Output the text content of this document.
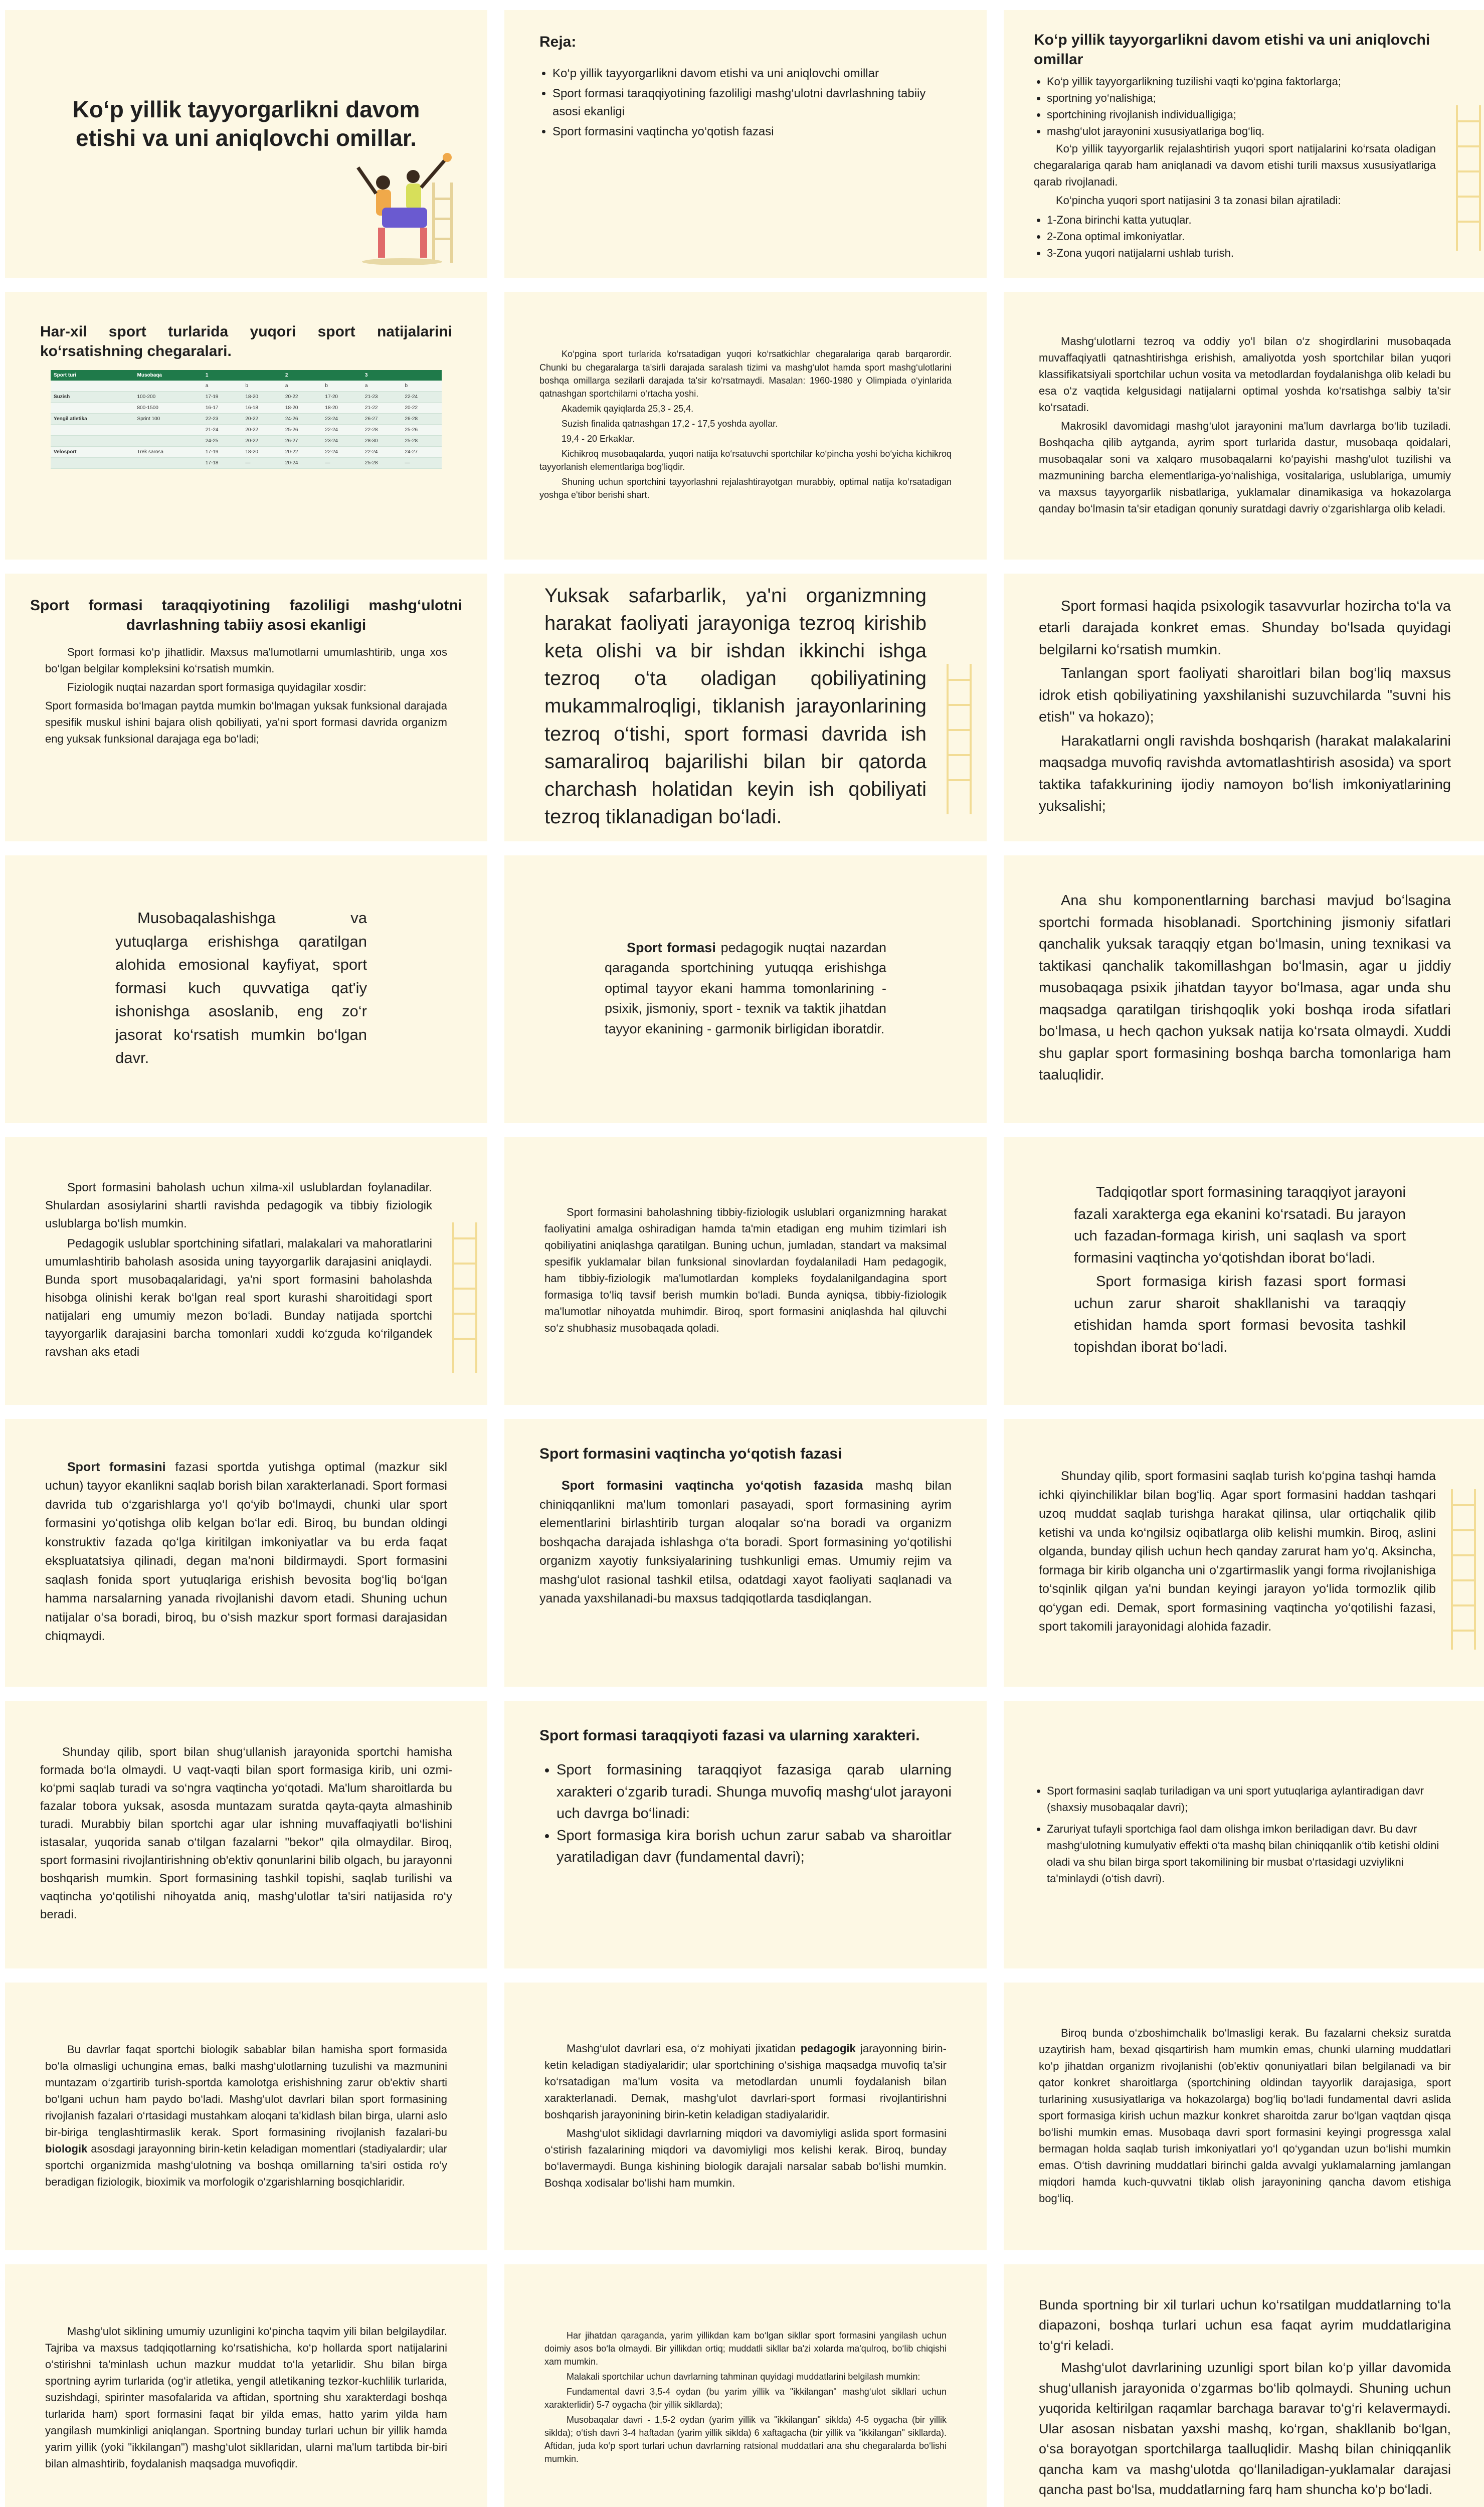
Ko‘p yillik tayyorgarlikni davom etishi va uni aniqlovchi omillar.
Reja:
• Ko‘p yillik tayyorgarlikni davom etishi va uni aniqlovchi omillar
• Sport formasi taraqqiyotining fazoliligi mashg‘ulotni davrlashning tabiiy asosi ekanligi
• Sport formasini vaqtincha yo‘qotish fazasi
Ko‘p yillik tayyorgarlikni davom etishi va uni aniqlovchi omillar
• Ko‘p yillik tayyorgarlikning tuzilishi vaqti ko‘pgina faktorlarga;
• sportning yo‘nalishiga;
• sportchining rivojlanish individualligiga;
• mashg‘ulot jarayonini xususiyatlariga bog‘liq.

Ko‘p yillik tayyorgarlik rejalashtirish yuqori sport natijalarini ko‘rsata oladigan chegaralariga qarab ham aniqlanadi va davom etishi turili maxsus xususiyatlariga qarab rivojlanadi.

Ko‘pincha yuqori sport natijasini 3 ta zonasi bilan ajratiladi:

• 1-Zona birinchi katta yutuqlar.
• 2-Zona optimal imkoniyatlar.
• 3-Zona yuqori natijalarni ushlab turish.
Har-xil sport turlarida yuqori sport natijalarini ko‘rsatishning chegaralari.
Sport turi	Musobaqa	1		2		3	
		a	b	a	b	a	b
Suzish	100-200	17-19	18-20	20-22	17-20	21-23	22-24
	800-1500	16-17	16-18	18-20	18-20	21-22	20-22
Yengil atletika	Sprint 100	22-23	20-22	24-26	23-24	26-27	26-28
		21-24	20-22	25-26	22-24	22-28	25-26
		24-25	20-22	26-27	23-24	28-30	25-28
Velosport	Trek sarosa	17-19	18-20	20-22	22-24	22-24	24-27
		17-18	—	20-24	—	25-28	—

Ko‘pgina sport turlarida ko‘rsatadigan yuqori ko‘rsatkichlar chegaralariga qarab barqarordir. Chunki bu chegaralarga ta'sirli darajada saralash tizimi va mashg‘ulot hamda sport mashg‘ulotlarini boshqa omillarga sezilarli darajada ta'sir ko‘rsatmaydi. Masalan: 1960-1980 y Olimpiada o‘yinlarida qatnashgan sportchilarni o‘rtacha yoshi.

Akademik qayiqlarda 25,3 - 25,4.

Suzish finalida qatnashgan 17,2 - 17,5 yoshda ayollar.

19,4 - 20 Erkaklar.

Kichikroq musobaqalarda, yuqori natija ko‘rsatuvchi sportchilar ko‘pincha yoshi bo‘yicha kichikroq tayyorlanish elementlariga bog‘liqdir.

Shuning uchun sportchini tayyorlashni rejalashtirayotgan murabbiy, optimal natija ko‘rsatadigan yoshga e'tibor berishi shart.

Mashg‘ulotlarni tezroq va oddiy yo‘l bilan o‘z shogirdlarini musobaqada muvaffaqiyatli qatnashtirishga erishish, amaliyotda yosh sportchilar bilan yuqori klassifikatsiyali sportchilar uchun vosita va metodlardan foydalanishga olib keladi bu esa o‘z vaqtida kelgusidagi natijalarni optimal yoshda ko‘rsatishga salbiy ta'sir ko‘rsatadi.

Makrosikl davomidagi mashg‘ulot jarayonini ma'lum davrlarga bo‘lib tuziladi. Boshqacha qilib aytganda, ayrim sport turlarida dastur, musobaqa qoidalari, musobaqalar soni va xalqaro musobaqalarni ko‘payishi mashg‘ulot tuzilishi va mazmunining barcha elementlariga-yo‘nalishiga, vositalariga, uslublariga, umumiy va maxsus tayyorgarlik nisbatlariga, yuklamalar dinamikasiga va hokazolarga qanday bo‘lmasin ta'sir etadigan qonuniy suratdagi davriy o‘zgarishlarga olib keladi.

Sport formasi taraqqiyotining fazoliligi mashg‘ulotni davrlashning tabiiy asosi ekanligi

Sport formasi ko‘p jihatlidir. Maxsus ma'lumotlarni umumlashtirib, unga xos bo‘lgan belgilar kompleksini ko‘rsatish mumkin.

Fiziologik nuqtai nazardan sport formasiga quyidagilar xosdir:

Sport formasida bo‘lmagan paytda mumkin bo‘lmagan yuksak funksional darajada spesifik muskul ishini bajara olish qobiliyati, ya'ni sport formasi davrida organizm eng yuksak funksional darajaga ega bo‘ladi;

Yuksak safarbarlik, ya'ni organizmning harakat faoliyati jarayoniga tezroq kirishib keta olishi va bir ishdan ikkinchi ishga tezroq o‘ta oladigan qobiliyatining mukammalroqligi, tiklanish jarayonlarining tezroq o‘tishi, sport formasi davrida ish samaraliroq bajarilishi bilan bir qatorda charchash holatidan keyin ish qobiliyati tezroq tiklanadigan bo‘ladi.

Sport formasi haqida psixologik tasavvurlar hozircha to‘la va etarli darajada konkret emas. Shunday bo‘lsada quyidagi belgilarni ko‘rsatish mumkin.

Tanlangan sport faoliyati sharoitlari bilan bog‘liq maxsus idrok etish qobiliyatining yaxshilanishi suzuvchilarda "suvni his etish" va hokazo);

Harakatlarni ongli ravishda boshqarish (harakat malakalarini maqsadga muvofiq ravishda avtomatlashtirish asosida) va sport taktika tafakkurining ijodiy namoyon bo‘lish imkoniyatlarining yuksalishi;

Musobaqalashishga va yutuqlarga erishishga qaratilgan alohida emosional kayfiyat, sport formasi kuch quvvatiga qat'iy ishonishga asoslanib, eng zo‘r jasorat ko‘rsatish mumkin bo‘lgan davr.

Sport formasi pedagogik nuqtai nazardan qaraganda sportchining yutuqqa erishishga optimal tayyor ekani hamma tomonlarining - psixik, jismoniy, sport - texnik va taktik jihatdan tayyor ekanining - garmonik birligidan iboratdir.

Ana shu komponentlarning barchasi mavjud bo‘lsagina sportchi formada hisoblanadi. Sportchining jismoniy sifatlari qanchalik yuksak taraqqiy etgan bo‘lmasin, uning texnikasi va taktikasi qanchalik takomillashgan bo‘lmasin, agar u jiddiy musobaqaga psixik jihatdan tayyor bo‘lmasa, agar unda shu maqsadga qaratilgan tirishqoqlik yoki boshqa iroda sifatlari bo‘lmasa, u hech qachon yuksak natija ko‘rsata olmaydi. Xuddi shu gaplar sport formasining boshqa barcha tomonlariga ham taaluqlidir.

Sport formasini baholash uchun xilma-xil uslublardan foylanadilar. Shulardan asosiylarini shartli ravishda pedagogik va tibbiy fiziologik uslublarga bo‘lish mumkin.

Pedagogik uslublar sportchining sifatlari, malakalari va mahoratlarini umumlashtirib baholash asosida uning tayyorgarlik darajasini aniqlaydi. Bunda sport musobaqalaridagi, ya'ni sport formasini baholashda hisobga olinishi kerak bo‘lgan real sport kurashi sharoitidagi sport natijalari eng umumiy mezon bo‘ladi. Bunday natijada sportchi tayyorgarlik darajasini barcha tomonlari xuddi ko‘zguda ko‘rilgandek ravshan aks etadi

Sport formasini baholashning tibbiy-fiziologik uslublari organizmning harakat faoliyatini amalga oshiradigan hamda ta'min etadigan eng muhim tizimlari ish qobiliyatini aniqlashga qaratilgan. Buning uchun, jumladan, standart va maksimal spesifik yuklamalar bilan funksional sinovlardan foydalaniladi Ham pedagogik, ham tibbiy-fiziologik ma'lumotlardan kompleks foydalanilgandagina sport formasiga to‘liq tavsif berish mumkin bo‘ladi. Bunda ayniqsa, tibbiy-fiziologik ma'lumotlar nihoyatda muhimdir. Biroq, sport formasini aniqlashda hal qiluvchi so‘z shubhasiz musobaqada qoladi.

Tadqiqotlar sport formasining taraqqiyot jarayoni fazali xarakterga ega ekanini ko‘rsatadi. Bu jarayon uch fazadan-formaga kirish, uni saqlash va sport formasini vaqtincha yo‘qotishdan iborat bo‘ladi.

Sport formasiga kirish fazasi sport formasi uchun zarur sharoit shakllanishi va taraqqiy etishidan hamda sport formasi bevosita tashkil topishdan iborat bo‘ladi.

Sport formasini fazasi sportda yutishga optimal (mazkur sikl uchun) tayyor ekanlikni saqlab borish bilan xarakterlanadi. Sport formasi davrida tub o‘zgarishlarga yo‘l qo‘yib bo‘lmaydi, chunki ular sport formasini yo‘qotishga olib kelgan bo‘lar edi. Biroq, bu bundan oldingi konstruktiv fazada qo‘lga kiritilgan imkoniyatlar va bu erda faqat ekspluatatsiya qilinadi, degan ma'noni bildirmaydi. Sport formasini saqlash fonida sport yutuqlariga erishish bevosita bog‘liq bo‘lgan hamma narsalarning yanada rivojlanishi davom etadi. Shuning uchun natijalar o‘sa boradi, biroq, bu o‘sish mazkur sport formasi darajasidan chiqmaydi.

Sport formasini vaqtincha yo‘qotish fazasi

Sport formasini vaqtincha yo‘qotish fazasida mashq bilan chiniqqanlikni ma'lum tomonlari pasayadi, sport formasining ayrim elementlarini birlashtirib turgan aloqalar so‘na boradi va organizm boshqacha darajada ishlashga o‘ta boradi. Sport formasining yo‘qotilishi organizm xayotiy funksiyalarining tushkunligi emas. Umumiy rejim va mashg‘ulot rasional tashkil etilsa, odatdagi xayot faoliyati saqlanadi va yanada yaxshilanadi-bu maxsus tadqiqotlarda tasdiqlangan.

Shunday qilib, sport formasini saqlab turish ko‘pgina tashqi hamda ichki qiyinchiliklar bilan bog‘liq. Agar sport formasini haddan tashqari uzoq muddat saqlab turishga harakat qilinsa, ular ortiqchalik qilib ketishi va unda ko‘ngilsiz oqibatlarga olib kelishi mumkin. Biroq, aslini olganda, bunday qilish uchun hech qanday zarurat ham yo‘q. Aksincha, formaga bir kirib olgancha uni o‘zgartirmaslik yangi forma rivojlanishiga to‘sqinlik qilgan ya'ni bundan keyingi jarayon yo‘lida tormozlik qilib qo‘ygan edi. Demak, sport formasining vaqtincha yo‘qotilishi fazasi, sport takomili jarayonidagi alohida fazadir.

Shunday qilib, sport bilan shug‘ullanish jarayonida sportchi hamisha formada bo‘la olmaydi. U vaqt-vaqti bilan sport formasiga kirib, uni ozmi-ko‘pmi saqlab turadi va so‘ngra vaqtincha yo‘qotadi. Ma'lum sharoitlarda bu fazalar tobora yuksak, asosda muntazam suratda qayta-qayta almashinib turadi. Murabbiy bilan sportchi agar ular ishning muvaffaqiyatli bo‘lishini istasalar, yuqorida sanab o‘tilgan fazalarni "bekor" qila olmaydilar. Biroq, sport formasini rivojlantirishning ob'ektiv qonunlarini bilib olgach, bu jarayonni boshqarish mumkin. Sport formasining tashkil topishi, saqlab turilishi va vaqtincha yo‘qotilishi nihoyatda aniq, mashg‘ulotlar ta'siri natijasida ro‘y beradi.

Sport formasi taraqqiyoti fazasi va ularning xarakteri.
• Sport formasining taraqqiyot fazasiga qarab ularning xarakteri o‘zgarib turadi. Shunga muvofiq mashg‘ulot jarayoni uch davrga bo‘linadi:
• Sport formasiga kira borish uchun zarur sabab va sharoitlar yaratiladigan davr (fundamental davri);
• Sport formasini saqlab turiladigan va uni sport yutuqlariga aylantiradigan davr (shaxsiy musobaqalar davri);
• Zaruriyat tufayli sportchiga faol dam olishga imkon beriladigan davr. Bu davr mashg‘ulotning kumulyativ effekti o‘ta mashq bilan chiniqqanlik o‘tib ketishi oldini oladi va shu bilan birga sport takomilining bir musbat o‘rtasidagi uzviylikni ta'minlaydi (o‘tish davri).

Bu davrlar faqat sportchi biologik sabablar bilan hamisha sport formasida bo‘la olmasligi uchungina emas, balki mashg‘ulotlarning tuzulishi va mazmunini muntazam o‘zgartirib turish-sportda kamolotga erishishning zarur ob'ektiv sharti bo‘lgani uchun ham paydo bo‘ladi. Mashg‘ulot davrlari bilan sport formasining rivojlanish fazalari o‘rtasidagi mustahkam aloqani ta'kidlash bilan birga, ularni aslo bir-biriga tenglashtirmaslik kerak. Sport formasining rivojlanish fazalari-bu biologik asosdagi jarayonning birin-ketin keladigan momentlari (stadiyalardir; ular sportchi organizmida mashg‘ulotning va boshqa omillarning ta'siri ostida ro‘y beradigan fiziologik, bioximik va morfologik o‘zgarishlarning bosqichlaridir.

Mashg‘ulot davrlari esa, o‘z mohiyati jixatidan pedagogik jarayonning birin-ketin keladigan stadiyalaridir; ular sportchining o‘sishiga maqsadga muvofiq ta'sir ko‘rsatadigan ma'lum vosita va metodlardan unumli foydalanish bilan xarakterlanadi. Demak, mashg‘ulot davrlari-sport formasi rivojlantirishni boshqarish jarayonining birin-ketin keladigan stadiyalaridir.

Mashg‘ulot siklidagi davrlarning miqdori va davomiyligi aslida sport formasini o‘stirish fazalarining miqdori va davomiyligi mos kelishi kerak. Biroq, bunday bo‘lavermaydi. Bunga kishining biologik darajali narsalar sabab bo‘lishi mumkin. Boshqa xodisalar bo‘lishi ham mumkin.

Biroq bunda o‘zboshimchalik bo‘lmasligi kerak. Bu fazalarni cheksiz suratda uzaytirish ham, bexad qisqartirish ham mumkin emas, chunki ularning muddatlari ko‘p jihatdan organizm rivojlanishi (ob'ektiv qonuniyatlari bilan belgilanadi va bir qator konkret sharoitlarga (sportchining oldindan tayyorlik darajasiga, sport turlarining xususiyatlariga va hokazolarga) bog‘liq bo‘ladi fundamental davri aslida sport formasiga kirish uchun mazkur konkret sharoitda zarur bo‘lgan vaqtdan qisqa bo‘lishi mumkin emas. Musobaqa davri sport formasini keyingi progressga xalal bermagan holda saqlab turish imkoniyatlari yo‘l qo‘ygandan uzun bo‘lishi mumkin emas. O‘tish davrining muddatlari birinchi galda avvalgi yuklamalarning jamlangan miqdori hamda kuch-quvvatni tiklab olish jarayonining qancha davom etishiga bog‘liq.

Mashg‘ulot siklining umumiy uzunligini ko‘pincha taqvim yili bilan belgilaydilar. Tajriba va maxsus tadqiqotlarning ko‘rsatishicha, ko‘p hollarda sport natijalarini o‘stirishni ta'minlash uchun mazkur muddat to‘la yetarlidir. Shu bilan birga sportning ayrim turlarida (og‘ir atletika, yengil atletikaning tezkor-kuchlilik turlarida, suzishdagi, spirinter masofalarida va aftidan, sportning shu xarakterdagi boshqa turlarida ham) sport formasini faqat bir yilda emas, hatto yarim yilda ham yangilash mumkinligi aniqlangan. Sportning bunday turlari uchun bir yillik hamda yarim yillik (yoki "ikkilangan") mashg‘ulot sikllaridan, ularni ma'lum tartibda bir-biri bilan almashtirib, foydalanish maqsadga muvofiqdir.

Har jihatdan qaraganda, yarim yillikdan kam bo‘lgan sikllar sport formasini yangilash uchun doimiy asos bo‘la olmaydi. Bir yillikdan ortiq; muddatli sikllar ba'zi xolarda ma'qulroq, bo‘lib chiqishi xam mumkin.

Malakali sportchilar uchun davrlarning tahminan quyidagi muddatlarini belgilash mumkin:

Fundamental davri 3,5-4 oydan (bu yarim yillik va "ikkilangan" mashg‘ulot sikllari uchun xarakterlidir) 5-7 oygacha (bir yillik sikllarda);

Musobaqalar davri - 1,5-2 oydan (yarim yillik va "ikkilangan" siklda) 4-5 oygacha (bir yillik siklda); o‘tish davri 3-4 haftadan (yarim yillik siklda) 6 xaftagacha (bir yillik va "ikkilangan" sikllarda). Aftidan, juda ko‘p sport turlari uchun davrlarning ratsional muddatlari ana shu chegaralarda bo‘lishi mumkin.

Bunda sportning bir xil turlari uchun ko‘rsatilgan muddatlarning to‘la diapazoni, boshqa turlari uchun esa faqat ayrim muddatlarigina to‘g‘ri keladi.

Mashg‘ulot davrlarining uzunligi sport bilan ko‘p yillar davomida shug‘ullanish jarayonida o‘zgarmas bo‘lib qolmaydi. Shuning uchun yuqorida keltirilgan raqamlar barchaga baravar to‘g‘ri kelavermaydi. Ular asosan nisbatan yaxshi mashq, ko‘rgan, shakllanib bo‘lgan, o‘sa borayotgan sportchilarga taalluqlidir. Mashq bilan chiniqqanlik qancha kam va mashg‘ulotda qo‘llaniladigan-yuklamalar darajasi qancha past bo‘lsa, muddatlarning farq ham shuncha ko‘p bo‘ladi.
